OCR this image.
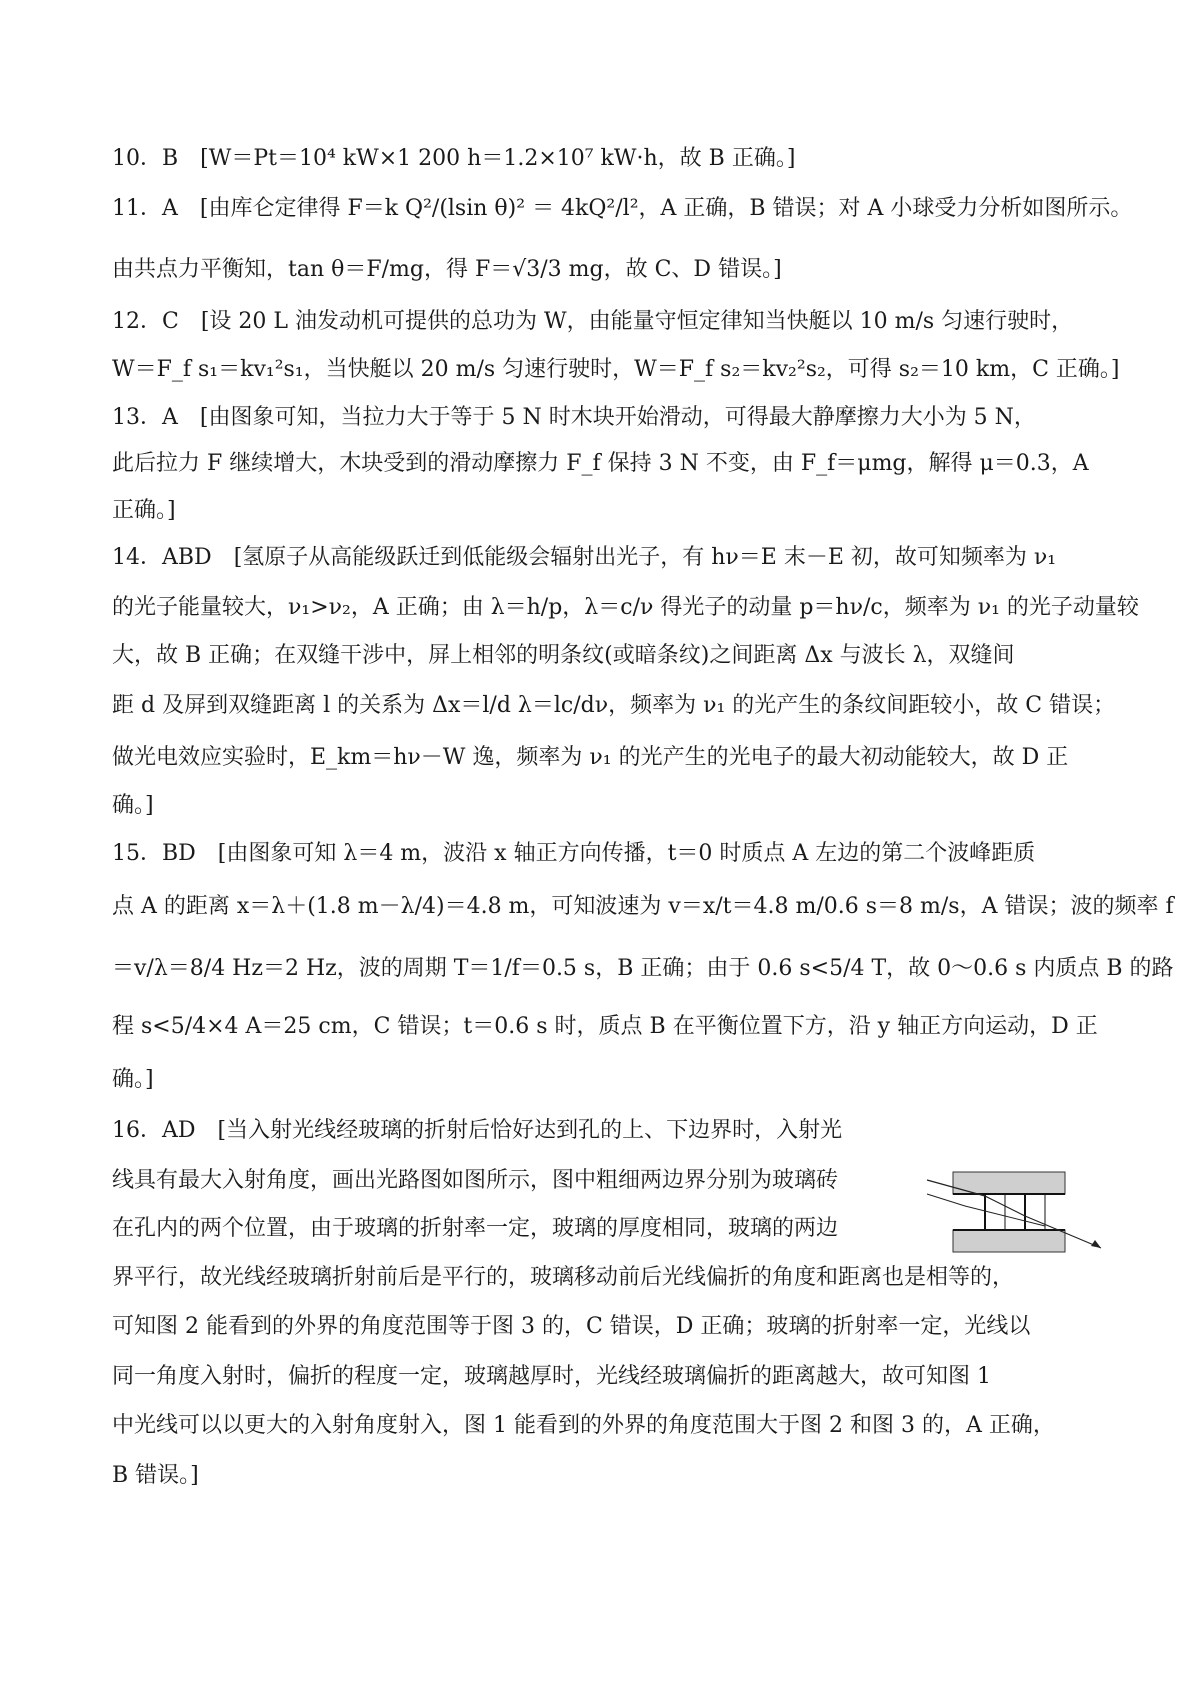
10．B　[W＝Pt＝10⁴ kW×1 200 h＝1.2×10⁷ kW·h，故 B 正确。]
11．A　[由库仑定律得 F＝k Q²/(lsin θ)² ＝ 4kQ²/l²，A 正确，B 错误；对 A 小球受力分析如图所示。
由共点力平衡知，tan θ＝F/mg，得 F＝√3/3 mg，故 C、D 错误。]
12．C　[设 20 L 油发动机可提供的总功为 W，由能量守恒定律知当快艇以 10 m/s 匀速行驶时，
W＝F_f s₁＝kv₁²s₁，当快艇以 20 m/s 匀速行驶时，W＝F_f s₂＝kv₂²s₂，可得 s₂＝10 km，C 正确。]
13．A　[由图象可知，当拉力大于等于 5 N 时木块开始滑动，可得最大静摩擦力大小为 5 N，
此后拉力 F 继续增大，木块受到的滑动摩擦力 F_f 保持 3 N 不变，由 F_f＝μmg，解得 μ＝0.3，A
正确。]
14．ABD　[氢原子从高能级跃迁到低能级会辐射出光子，有 hν＝E 末－E 初，故可知频率为 ν₁
的光子能量较大，ν₁>ν₂，A 正确；由 λ＝h/p，λ＝c/ν 得光子的动量 p＝hν/c，频率为 ν₁ 的光子动量较
大，故 B 正确；在双缝干涉中，屏上相邻的明条纹(或暗条纹)之间距离 Δx 与波长 λ，双缝间
距 d 及屏到双缝距离 l 的关系为 Δx＝l/d λ＝lc/dν，频率为 ν₁ 的光产生的条纹间距较小，故 C 错误；
做光电效应实验时，E_km＝hν－W 逸，频率为 ν₁ 的光产生的光电子的最大初动能较大，故 D 正
确。]
15．BD　[由图象可知 λ＝4 m，波沿 x 轴正方向传播，t＝0 时质点 A 左边的第二个波峰距质
点 A 的距离 x＝λ＋(1.8 m－λ/4)＝4.8 m，可知波速为 v＝x/t＝4.8 m/0.6 s＝8 m/s，A 错误；波的频率 f
＝v/λ＝8/4 Hz＝2 Hz，波的周期 T＝1/f＝0.5 s，B 正确；由于 0.6 s<5/4 T，故 0～0.6 s 内质点 B 的路
程 s<5/4×4 A＝25 cm，C 错误；t＝0.6 s 时，质点 B 在平衡位置下方，沿 y 轴正方向运动，D 正
确。]
16．AD　[当入射光线经玻璃的折射后恰好达到孔的上、下边界时，入射光
线具有最大入射角度，画出光路图如图所示，图中粗细两边界分别为玻璃砖
在孔内的两个位置，由于玻璃的折射率一定，玻璃的厚度相同，玻璃的两边
界平行，故光线经玻璃折射前后是平行的，玻璃移动前后光线偏折的角度和距离也是相等的，
可知图 2 能看到的外界的角度范围等于图 3 的，C 错误，D 正确；玻璃的折射率一定，光线以
同一角度入射时，偏折的程度一定，玻璃越厚时，光线经玻璃偏折的距离越大，故可知图 1
中光线可以以更大的入射角度射入，图 1 能看到的外界的角度范围大于图 2 和图 3 的，A 正确，
B 错误。]
